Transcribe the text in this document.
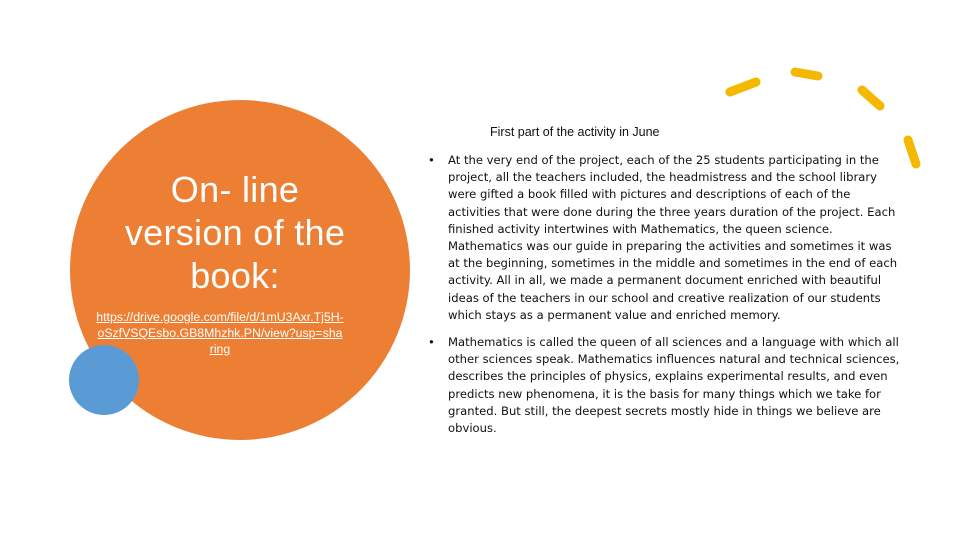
On- line version of the book:
https://drive.google.com/file/d/1mU3Axr.Tj5H-oSzfVSQEsbo.GB8Mhzhk.PN/view?usp=sharing
First part of the activity in June
• At the very end of the project, each of the 25 students participating in the project, all the teachers included, the headmistress and the school library were gifted a book filled with pictures and descriptions of each of the activities that were done during the three years duration of the project. Each finished activity intertwines with Mathematics, the queen science. Mathematics was our guide in preparing the activities and sometimes it was at the beginning, sometimes in the middle and sometimes in the end of each activity. All in all, we made a permanent document enriched with beautiful ideas of the teachers in our school and creative realization of our students which stays as a permanent value and enriched memory.
• Mathematics is called the queen of all sciences and a language with which all other sciences speak. Mathematics influences natural and technical sciences, describes the principles of physics, explains experimental results, and even predicts new phenomena, it is the basis for many things which we take for granted. But still, the deepest secrets mostly hide in things we believe are obvious.
